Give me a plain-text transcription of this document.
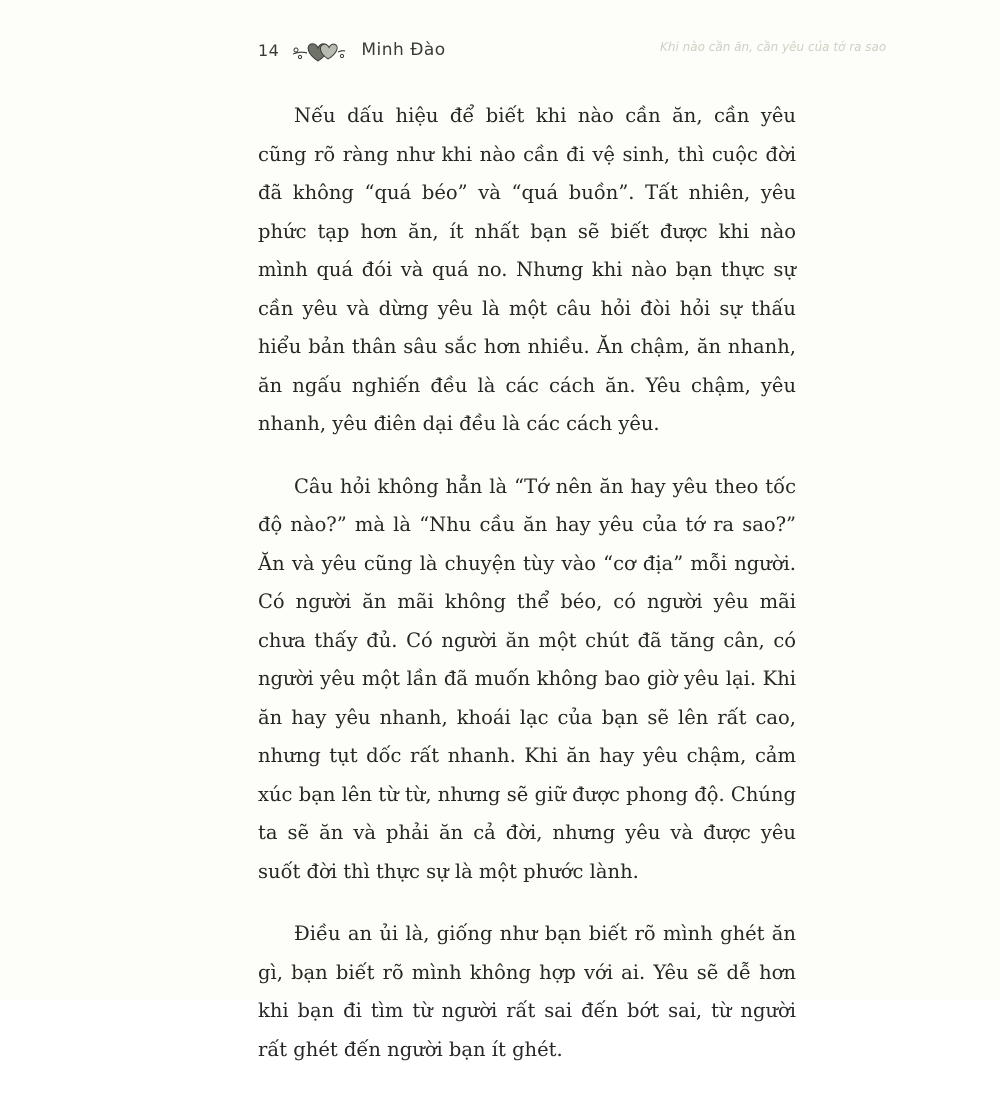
14	Minh Đào	Khi nào cần ăn, cần yêu của tớ ra sao

Nếu dấu hiệu để biết khi nào cần ăn, cần yêu cũng rõ ràng như khi nào cần đi vệ sinh, thì cuộc đời đã không “quá béo” và “quá buồn”. Tất nhiên, yêu phức tạp hơn ăn, ít nhất bạn sẽ biết được khi nào mình quá đói và quá no. Nhưng khi nào bạn thực sự cần yêu và dừng yêu là một câu hỏi đòi hỏi sự thấu hiểu bản thân sâu sắc hơn nhiều. Ăn chậm, ăn nhanh, ăn ngấu nghiến đều là các cách ăn. Yêu chậm, yêu nhanh, yêu điên dại đều là các cách yêu.

Câu hỏi không hẳn là “Tớ nên ăn hay yêu theo tốc độ nào?” mà là “Nhu cầu ăn hay yêu của tớ ra sao?” Ăn và yêu cũng là chuyện tùy vào “cơ địa” mỗi người. Có người ăn mãi không thể béo, có người yêu mãi chưa thấy đủ. Có người ăn một chút đã tăng cân, có người yêu một lần đã muốn không bao giờ yêu lại. Khi ăn hay yêu nhanh, khoái lạc của bạn sẽ lên rất cao, nhưng tụt dốc rất nhanh. Khi ăn hay yêu chậm, cảm xúc bạn lên từ từ, nhưng sẽ giữ được phong độ. Chúng ta sẽ ăn và phải ăn cả đời, nhưng yêu và được yêu suốt đời thì thực sự là một phước lành.

Điều an ủi là, giống như bạn biết rõ mình ghét ăn gì, bạn biết rõ mình không hợp với ai. Yêu sẽ dễ hơn khi bạn đi tìm từ người rất sai đến bớt sai, từ người rất ghét đến người bạn ít ghét.
